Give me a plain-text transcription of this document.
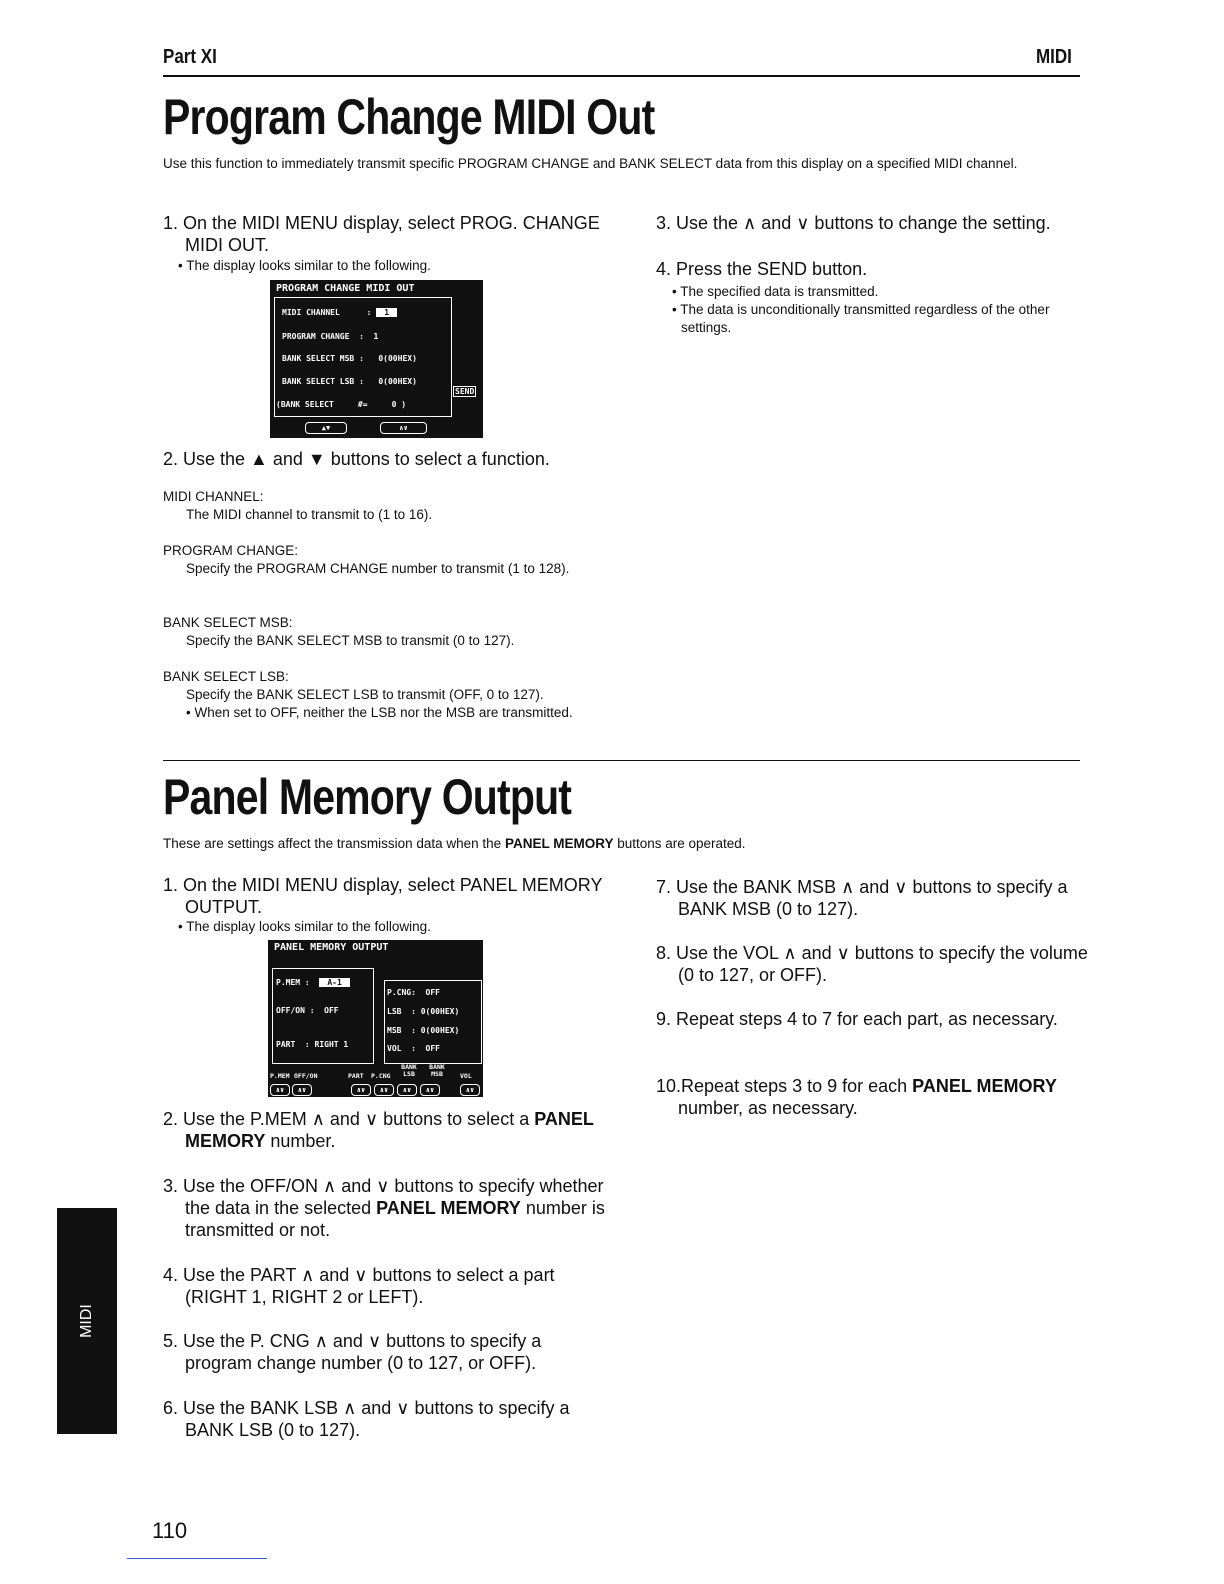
Part XI	MIDI
Program Change MIDI Out
Use this function to immediately transmit specific PROGRAM CHANGE and BANK SELECT data from this display on a specified MIDI channel.
1. On the MIDI MENU display, select PROG. CHANGE MIDI OUT.
• The display looks similar to the following.
PROGRAM CHANGE MIDI OUT
MIDI CHANNEL	: 1
PROGRAM CHANGE : 1
BANK SELECT MSB : 0(00HEX)
BANK SELECT LSB : 0(00HEX)
(BANK SELECT	#=	0 )
SEND
▲▼	∧∨
2. Use the ▲ and ▼ buttons to select a function.
MIDI CHANNEL:
The MIDI channel to transmit to (1 to 16).
PROGRAM CHANGE:
Specify the PROGRAM CHANGE number to transmit (1 to 128).
BANK SELECT MSB:
Specify the BANK SELECT MSB to transmit (0 to 127).
BANK SELECT LSB:
Specify the BANK SELECT LSB to transmit (OFF, 0 to 127).
• When set to OFF, neither the LSB nor the MSB are transmitted.
3. Use the ∧ and ∨ buttons to change the setting.
4. Press the SEND button.
• The specified data is transmitted.
• The data is unconditionally transmitted regardless of the other settings.
Panel Memory Output
These are settings affect the transmission data when the PANEL MEMORY buttons are operated.
1. On the MIDI MENU display, select PANEL MEMORY OUTPUT.
• The display looks similar to the following.
PANEL MEMORY OUTPUT
P.MEM :  A-1
OFF/ON :  OFF
PART  : RIGHT 1
P.CNG: OFF
LSB  : 0(00HEX)
MSB  : 0(00HEX)
VOL  : OFF
P.MEM OFF/ON	PART P.CNG
BANK LSB
BANK MSB	VOL
∧∨	∧∨	∧∨	∧∨	∧∨	∧∨	∧∨
2. Use the P.MEM ∧ and ∨ buttons to select a PANEL MEMORY number.
3. Use the OFF/ON ∧ and ∨ buttons to specify whether the data in the selected PANEL MEMORY number is transmitted or not.
4. Use the PART ∧ and ∨ buttons to select a part (RIGHT 1, RIGHT 2 or LEFT).
5. Use the P. CNG ∧ and ∨ buttons to specify a program change number (0 to 127, or OFF).
6. Use the BANK LSB ∧ and ∨ buttons to specify a BANK LSB (0 to 127).
7. Use the BANK MSB ∧ and ∨ buttons to specify a BANK MSB (0 to 127).
8. Use the VOL ∧ and ∨ buttons to specify the volume (0 to 127, or OFF).
9. Repeat steps 4 to 7 for each part, as necessary.
10.Repeat steps 3 to 9 for each PANEL MEMORY number, as necessary.
MIDI
110
